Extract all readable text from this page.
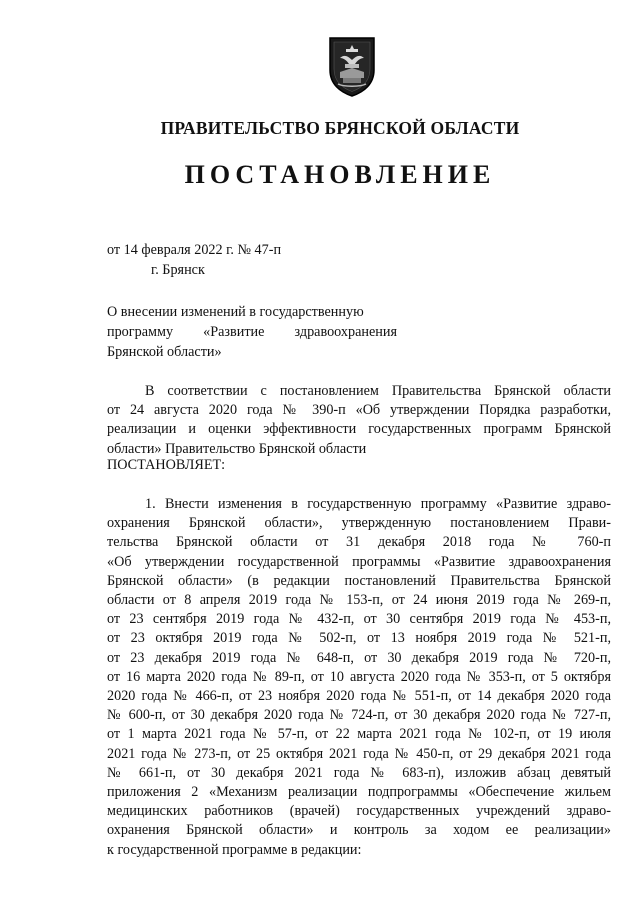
ПРАВИТЕЛЬСТВО БРЯНСКОЙ ОБЛАСТИ
ПОСТАНОВЛЕНИЕ

от 14 февраля 2022 г. № 47-п

г. Брянск

О внесении изменений в государственную
программу «Развитие здравоохранения
Брянской области»
В соответствии с постановлением Правительства Брянской области
от 24 августа 2020 года № 390-п «Об утверждении Порядка разработки,
реализации и оценки эффективности государственных программ Брянской
области» Правительство Брянской области

ПОСТАНОВЛЯЕТ:

1. Внести изменения в государственную программу «Развитие здраво-
охранения Брянской области», утвержденную постановлением Прави-
тельства Брянской области от 31 декабря 2018 года № 760-п
«Об утверждении государственной программы «Развитие здравоохранения
Брянской области» (в редакции постановлений Правительства Брянской
области от 8 апреля 2019 года № 153-п, от 24 июня 2019 года № 269-п,
от 23 сентября 2019 года № 432-п, от 30 сентября 2019 года № 453-п,
от 23 октября 2019 года № 502-п, от 13 ноября 2019 года № 521-п,
от 23 декабря 2019 года № 648-п, от 30 декабря 2019 года № 720-п,
от 16 марта 2020 года № 89-п, от 10 августа 2020 года № 353-п, от 5 октября
2020 года № 466-п, от 23 ноября 2020 года № 551-п, от 14 декабря 2020 года
№ 600-п, от 30 декабря 2020 года № 724-п, от 30 декабря 2020 года № 727-п,
от 1 марта 2021 года № 57-п, от 22 марта 2021 года № 102-п, от 19 июля
2021 года № 273-п, от 25 октября 2021 года № 450-п, от 29 декабря 2021 года
№ 661-п, от 30 декабря 2021 года № 683-п), изложив абзац девятый
приложения 2 «Механизм реализации подпрограммы «Обеспечение жильем
медицинских работников (врачей) государственных учреждений здраво-
охранения Брянской области» и контроль за ходом ее реализации»
к государственной программе в редакции:
